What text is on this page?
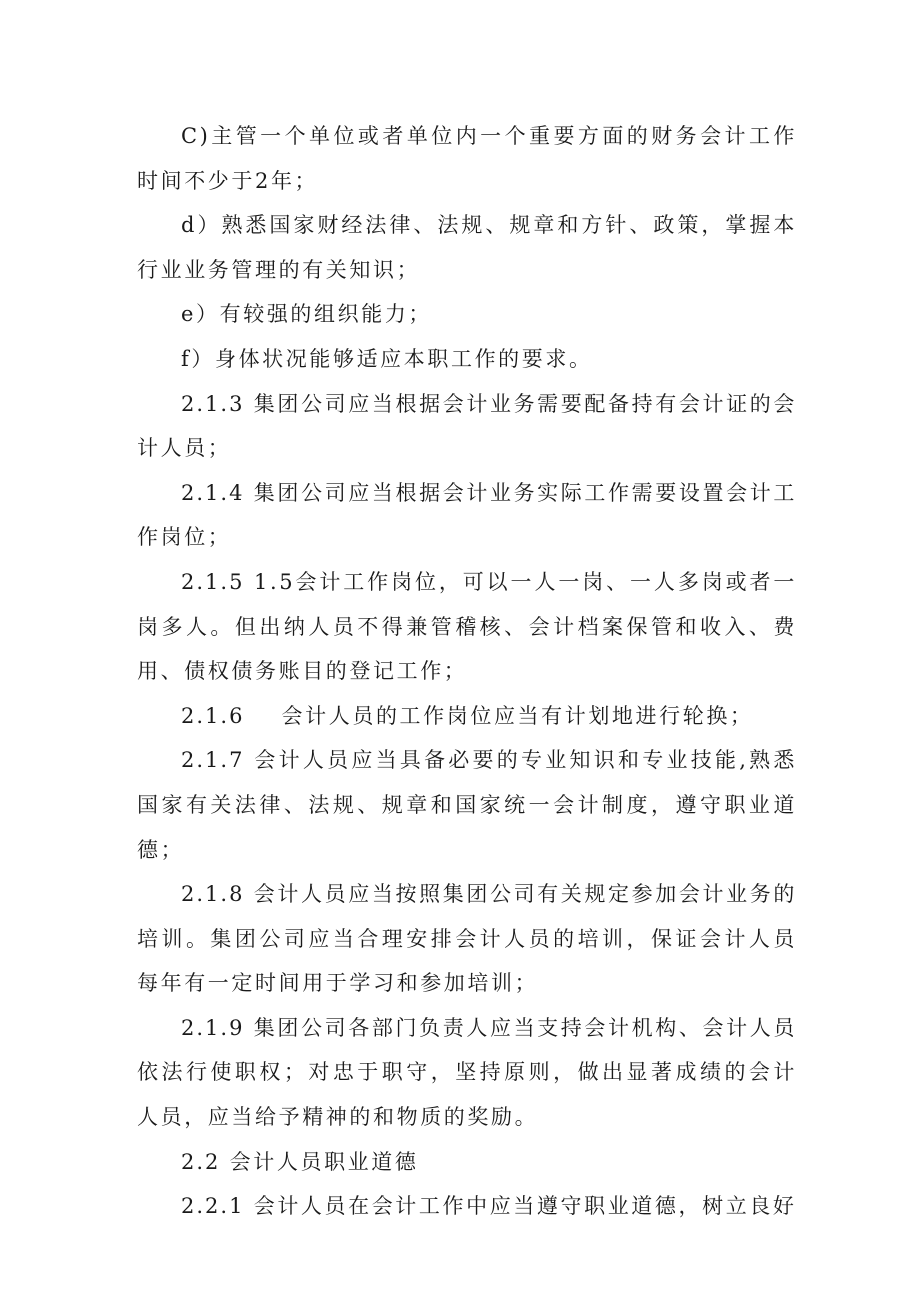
C)主管一个单位或者单位内一个重要方面的财务会计工作时间不少于2年；

d）熟悉国家财经法律、法规、规章和方针、政策，掌握本行业业务管理的有关知识；

e）有较强的组织能力；

f）身体状况能够适应本职工作的要求。

2.1.3 集团公司应当根据会计业务需要配备持有会计证的会计人员；

2.1.4 集团公司应当根据会计业务实际工作需要设置会计工作岗位；

2.1.5 1.5会计工作岗位，可以一人一岗、一人多岗或者一岗多人。但出纳人员不得兼管稽核、会计档案保管和收入、费用、债权债务账目的登记工作；

2.1.6    会计人员的工作岗位应当有计划地进行轮换；

2.1.7 会计人员应当具备必要的专业知识和专业技能,熟悉国家有关法律、法规、规章和国家统一会计制度，遵守职业道德；

2.1.8 会计人员应当按照集团公司有关规定参加会计业务的培训。集团公司应当合理安排会计人员的培训，保证会计人员每年有一定时间用于学习和参加培训；

2.1.9 集团公司各部门负责人应当支持会计机构、会计人员依法行使职权；对忠于职守，坚持原则，做出显著成绩的会计人员，应当给予精神的和物质的奖励。

2.2 会计人员职业道德

2.2.1 会计人员在会计工作中应当遵守职业道德，树立良好
